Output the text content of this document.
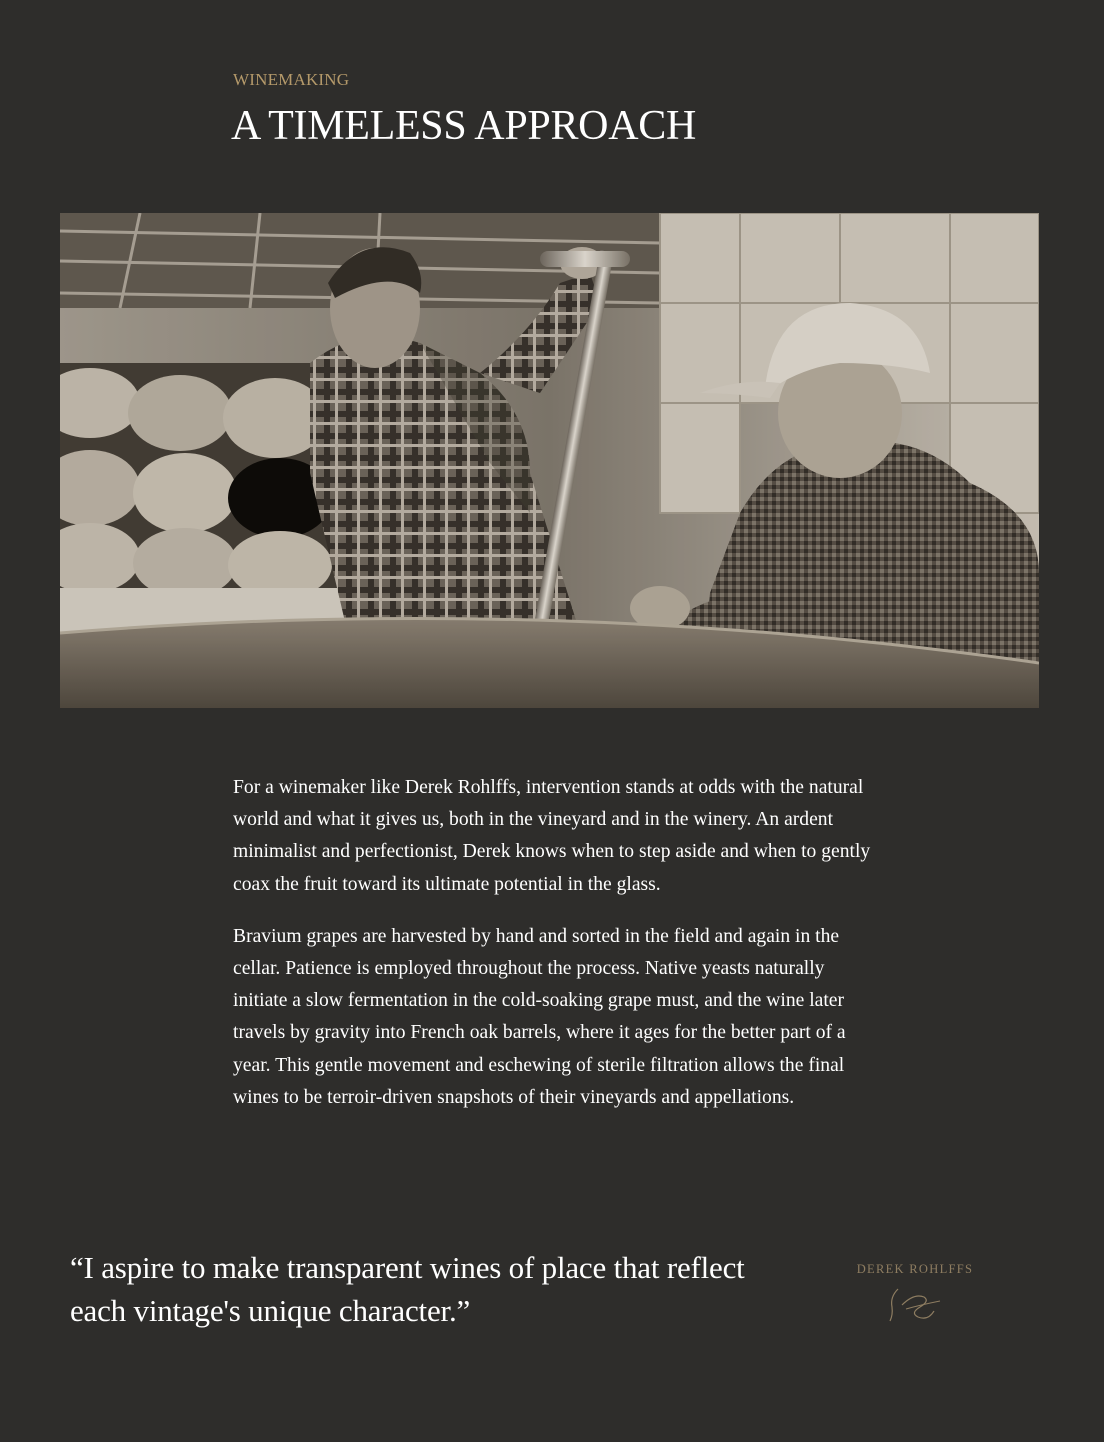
WINEMAKING
A TIMELESS APPROACH

For a winemaker like Derek Rohlffs, intervention stands at odds with the natural world and what it gives us, both in the vineyard and in the winery. An ardent minimalist and perfectionist, Derek knows when to step aside and when to gently coax the fruit toward its ultimate potential in the glass.

Bravium grapes are harvested by hand and sorted in the field and again in the cellar. Patience is employed throughout the process. Native yeasts naturally initiate a slow fermentation in the cold-soaking grape must, and the wine later travels by gravity into French oak barrels, where it ages for the better part of a year. This gentle movement and eschewing of sterile filtration allows the final wines to be terroir-driven snapshots of their vineyards and appellations.

“I aspire to make transparent wines of place that reflect each vintage's unique character.”

DEREK ROHLFFS
